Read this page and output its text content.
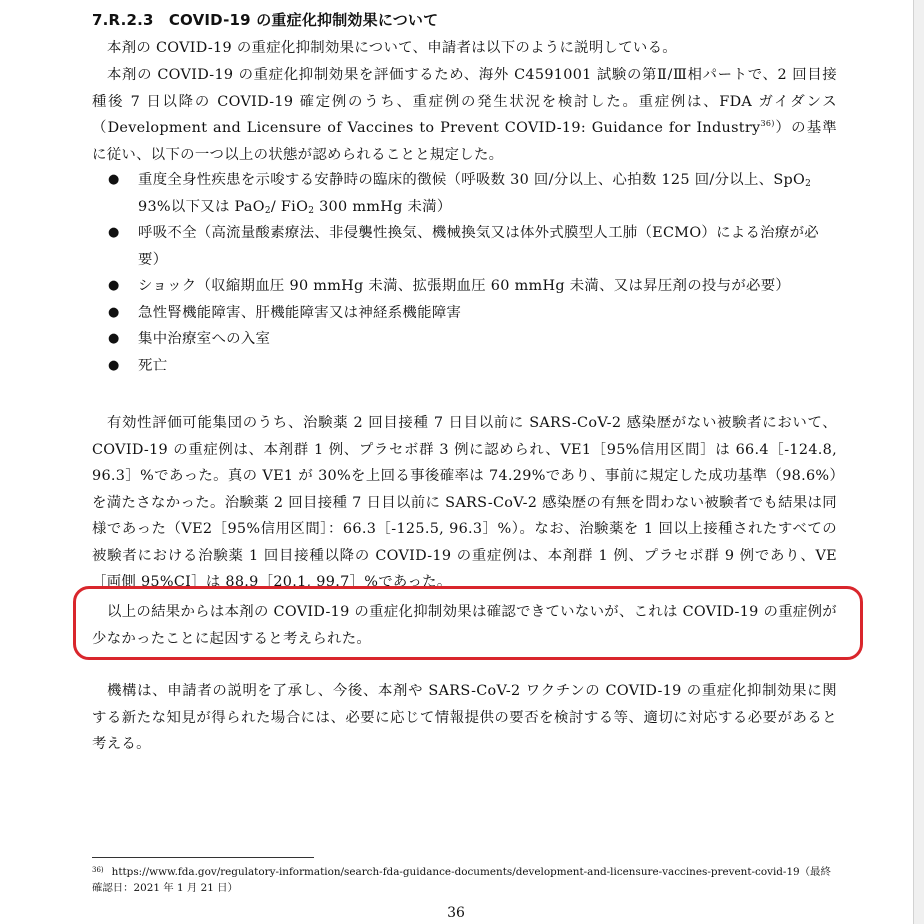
7.R.2.3　COVID-19 の重症化抑制効果について
本剤の COVID-19 の重症化抑制効果について、申請者は以下のように説明している。
本剤の COVID-19 の重症化抑制効果を評価するため、海外 C4591001 試験の第Ⅱ/Ⅲ相パートで、2 回目接種後 7 日以降の COVID-19 確定例のうち、重症例の発生状況を検討した。重症例は、FDA ガイダンス（Development and Licensure of Vaccines to Prevent COVID-19: Guidance for Industry$^{36)}$）の基準に従い、以下の一つ以上の状態が認められることと規定した。
● 重度全身性疾患を示唆する安静時の臨床的徴候（呼吸数 30 回/分以上、心拍数 125 回/分以上、SpO$_2$ 93%以下又は PaO$_2$/ FiO$_2$ 300 mmHg 未満）
● 呼吸不全（高流量酸素療法、非侵襲性換気、機械換気又は体外式膜型人工肺（ECMO）による治療が必要）
● ショック（収縮期血圧 90 mmHg 未満、拡張期血圧 60 mmHg 未満、又は昇圧剤の投与が必要）
● 急性腎機能障害、肝機能障害又は神経系機能障害
● 集中治療室への入室
● 死亡
有効性評価可能集団のうち、治験薬 2 回目接種 7 日目以前に SARS-CoV-2 感染歴がない被験者において、COVID-19 の重症例は、本剤群 1 例、プラセボ群 3 例に認められ、VE1［95%信用区間］は 66.4［-124.8, 96.3］%であった。真の VE1 が 30%を上回る事後確率は 74.29%であり、事前に規定した成功基準（98.6%）を満たさなかった。治験薬 2 回目接種 7 日目以前に SARS-CoV-2 感染歴の有無を問わない被験者でも結果は同様であった（VE2［95%信用区間］：66.3［-125.5, 96.3］%）。なお、治験薬を 1 回以上接種されたすべての被験者における治験薬 1 回目接種以降の COVID-19 の重症例は、本剤群 1 例、プラセボ群 9 例であり、VE［両側 95%CI］は 88.9［20.1, 99.7］%であった。
以上の結果からは本剤の COVID-19 の重症化抑制効果は確認できていないが、これは COVID-19 の重症例が少なかったことに起因すると考えられた。
機構は、申請者の説明を了承し、今後、本剤や SARS-CoV-2 ワクチンの COVID-19 の重症化抑制効果に関する新たな知見が得られた場合には、必要に応じて情報提供の要否を検討する等、適切に対応する必要があると考える。
$^{36)}$ https://www.fda.gov/regulatory-information/search-fda-guidance-documents/development-and-licensure-vaccines-prevent-covid-19（最終確認日：2021 年 1 月 21 日）
36
